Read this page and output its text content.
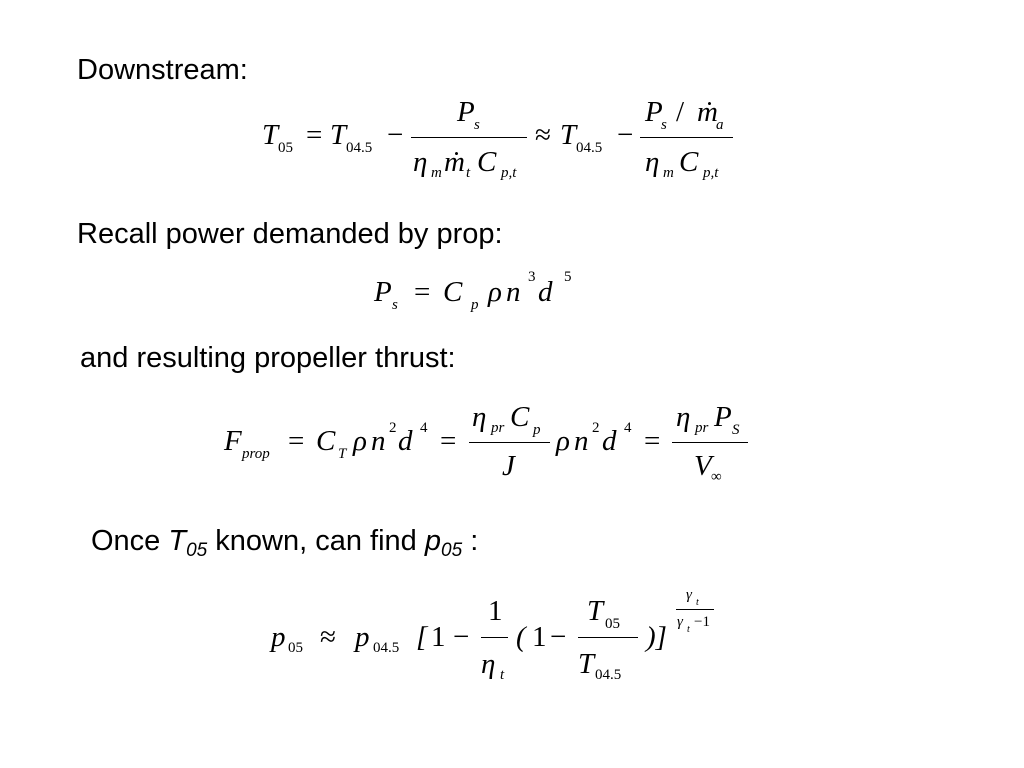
Downstream:
Recall power demanded by prop:
and resulting propeller thrust:
Once $T_{05}$ known, can find $p_{05}$ :
T 05 = T 04.5 −
P s
η m ṁ t C p,t
≈ T 04.5 −
P
s / ṁ
a
η m C p,t
P s = C p ρ n 3 d 5
F prop = C T ρ n 2 d 4 =
η pr C p
J
ρ n 2 d 4 =
η pr P S
V ∞
p 05 ≈ p 04.5 [ 1 −
1
η t
( 1 −
T 05
T 04.5
)]
γ t
γ t −1
